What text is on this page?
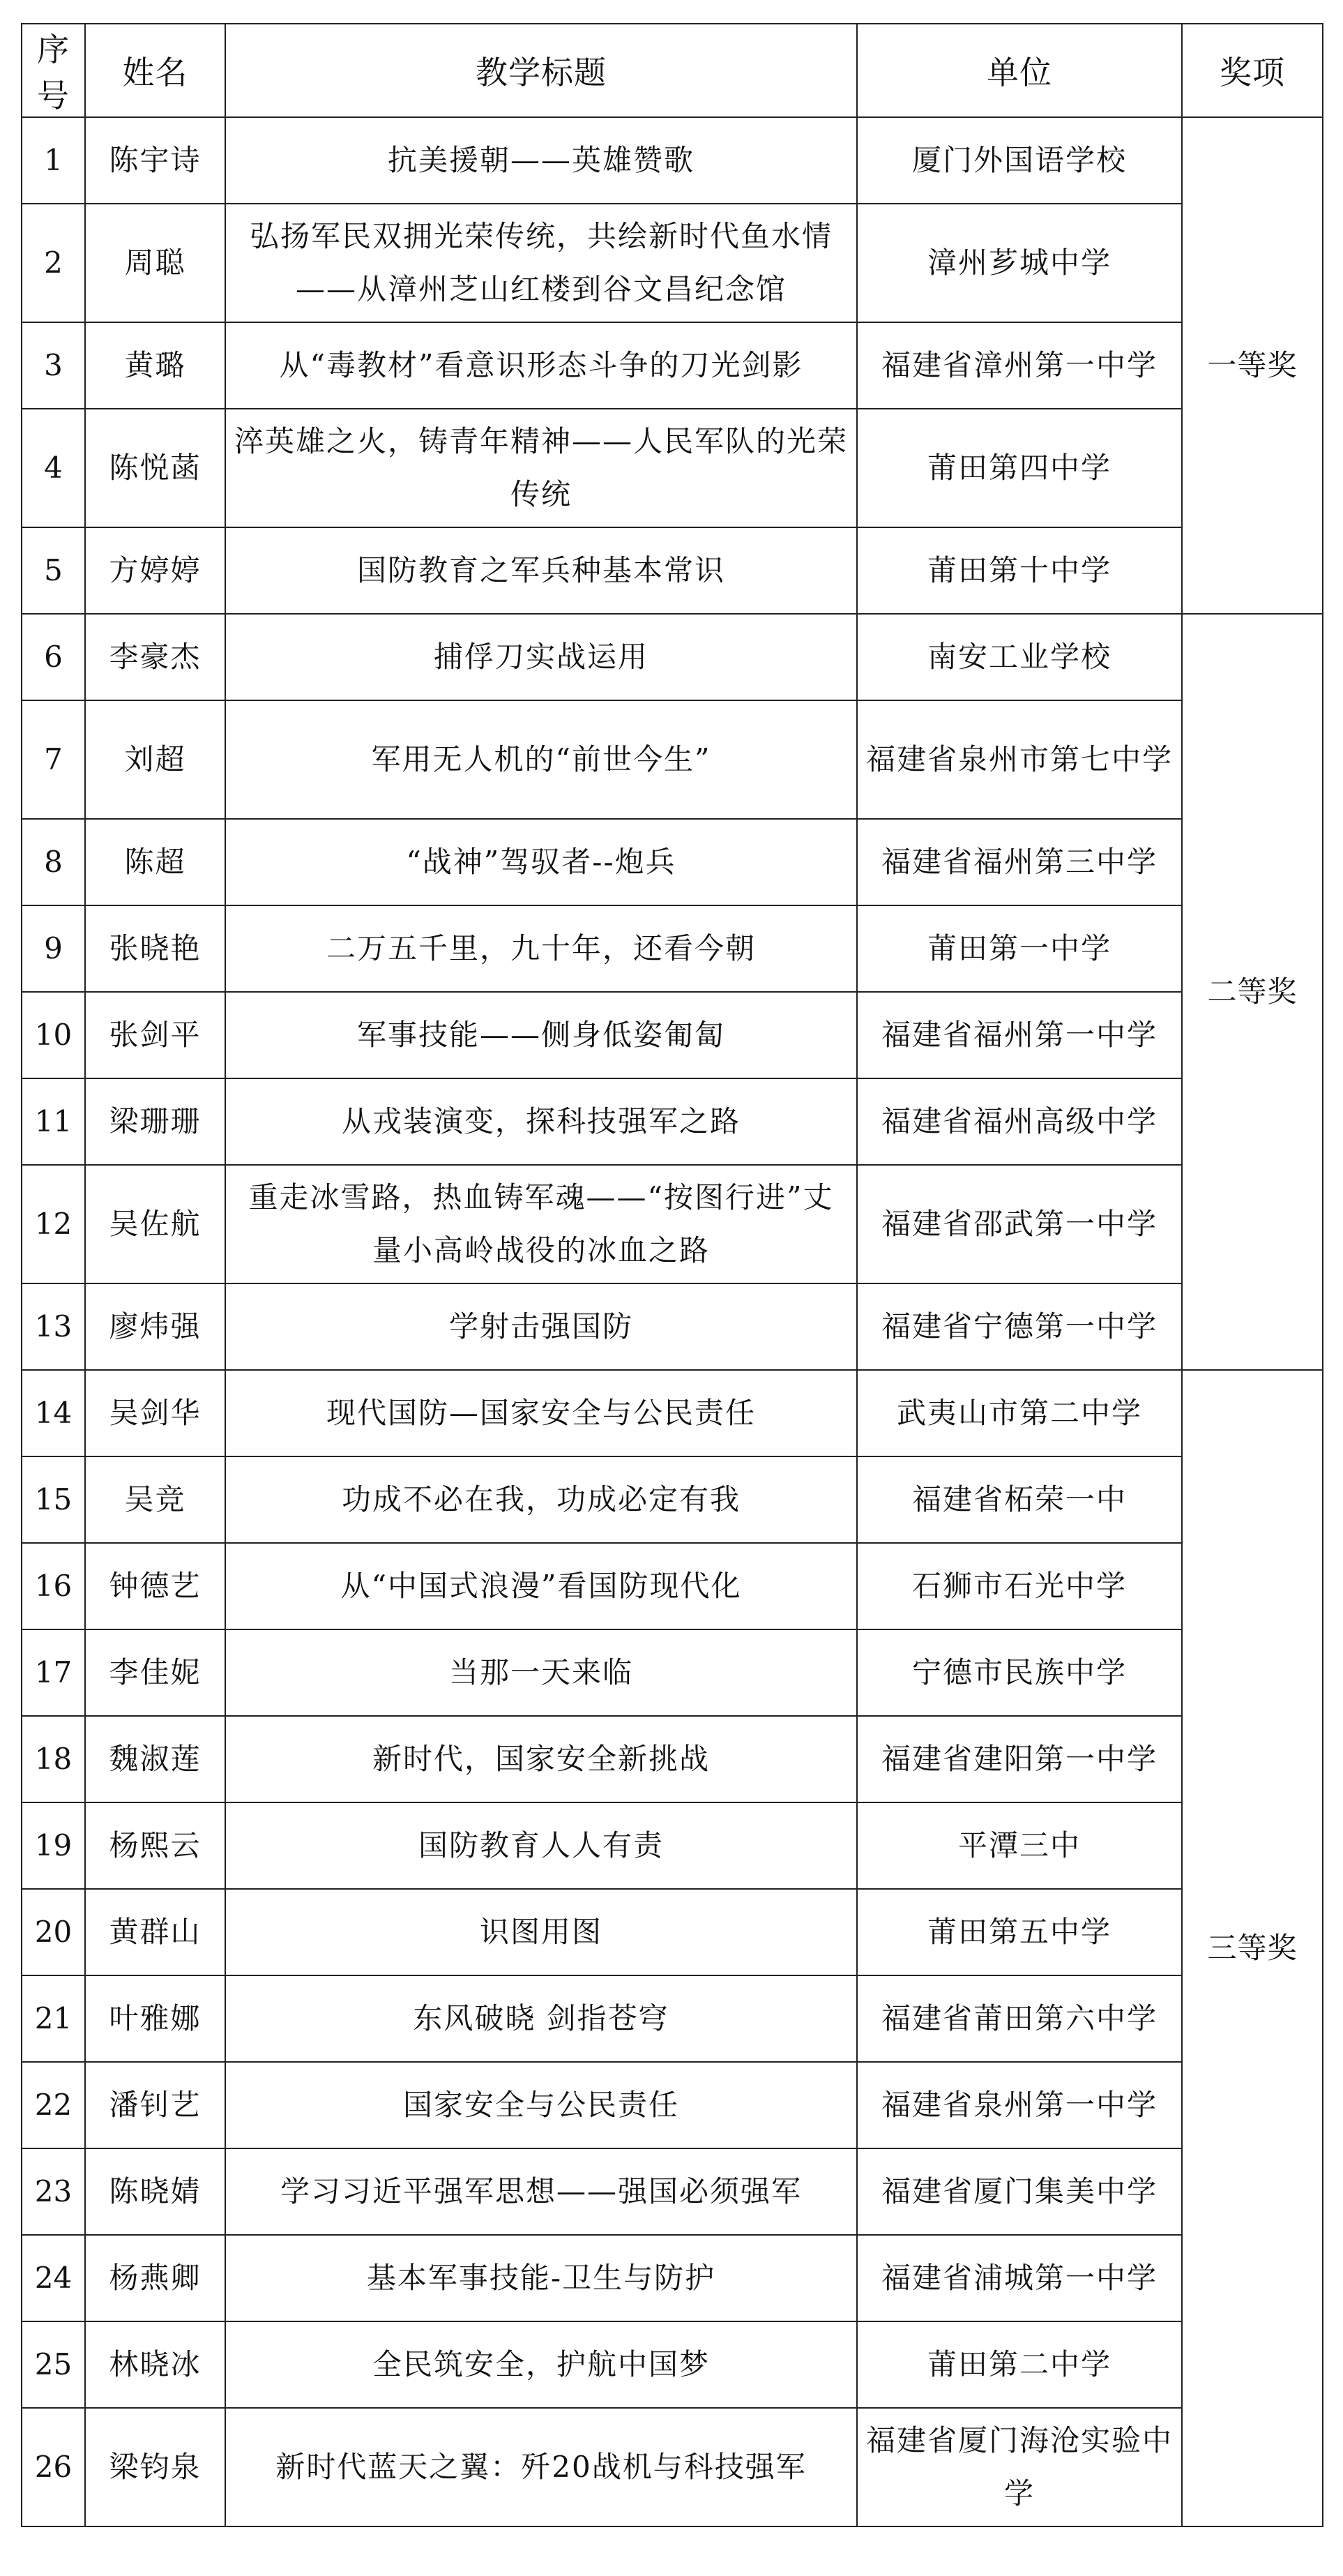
序号	姓名	教学标题	单位	奖项
1	陈宇诗	抗美援朝——英雄赞歌	厦门外国语学校	一等奖
2	周聪	弘扬军民双拥光荣传统，共绘新时代鱼水情——从漳州芝山红楼到谷文昌纪念馆	漳州芗城中学	
3	黄璐	从“毒教材”看意识形态斗争的刀光剑影	福建省漳州第一中学	
4	陈悦菡	淬英雄之火，铸青年精神——人民军队的光荣传统	莆田第四中学	
5	方婷婷	国防教育之军兵种基本常识	莆田第十中学	
6	李豪杰	捕俘刀实战运用	南安工业学校	二等奖
7	刘超	军用无人机的“前世今生”	福建省泉州市第七中学	
8	陈超	“战神”驾驭者--炮兵	福建省福州第三中学	
9	张晓艳	二万五千里，九十年，还看今朝	莆田第一中学	
10	张剑平	军事技能——侧身低姿匍匐	福建省福州第一中学	
11	梁珊珊	从戎装演变，探科技强军之路	福建省福州高级中学	
12	吴佐航	重走冰雪路，热血铸军魂——“按图行进”丈量小高岭战役的冰血之路	福建省邵武第一中学	
13	廖炜强	学射击强国防	福建省宁德第一中学	
14	吴剑华	现代国防—国家安全与公民责任	武夷山市第二中学	三等奖
15	吴竞	功成不必在我，功成必定有我	福建省柘荣一中	
16	钟德艺	从“中国式浪漫”看国防现代化	石狮市石光中学	
17	李佳妮	当那一天来临	宁德市民族中学	
18	魏淑莲	新时代，国家安全新挑战	福建省建阳第一中学	
19	杨熙云	国防教育人人有责	平潭三中	
20	黄群山	识图用图	莆田第五中学	
21	叶雅娜	东风破晓 剑指苍穹	福建省莆田第六中学	
22	潘钊艺	国家安全与公民责任	福建省泉州第一中学	
23	陈晓婧	学习习近平强军思想——强国必须强军	福建省厦门集美中学	
24	杨燕卿	基本军事技能-卫生与防护	福建省浦城第一中学	
25	林晓冰	全民筑安全，护航中国梦	莆田第二中学	
26	梁钧泉	新时代蓝天之翼：歼20战机与科技强军	福建省厦门海沧实验中学	
